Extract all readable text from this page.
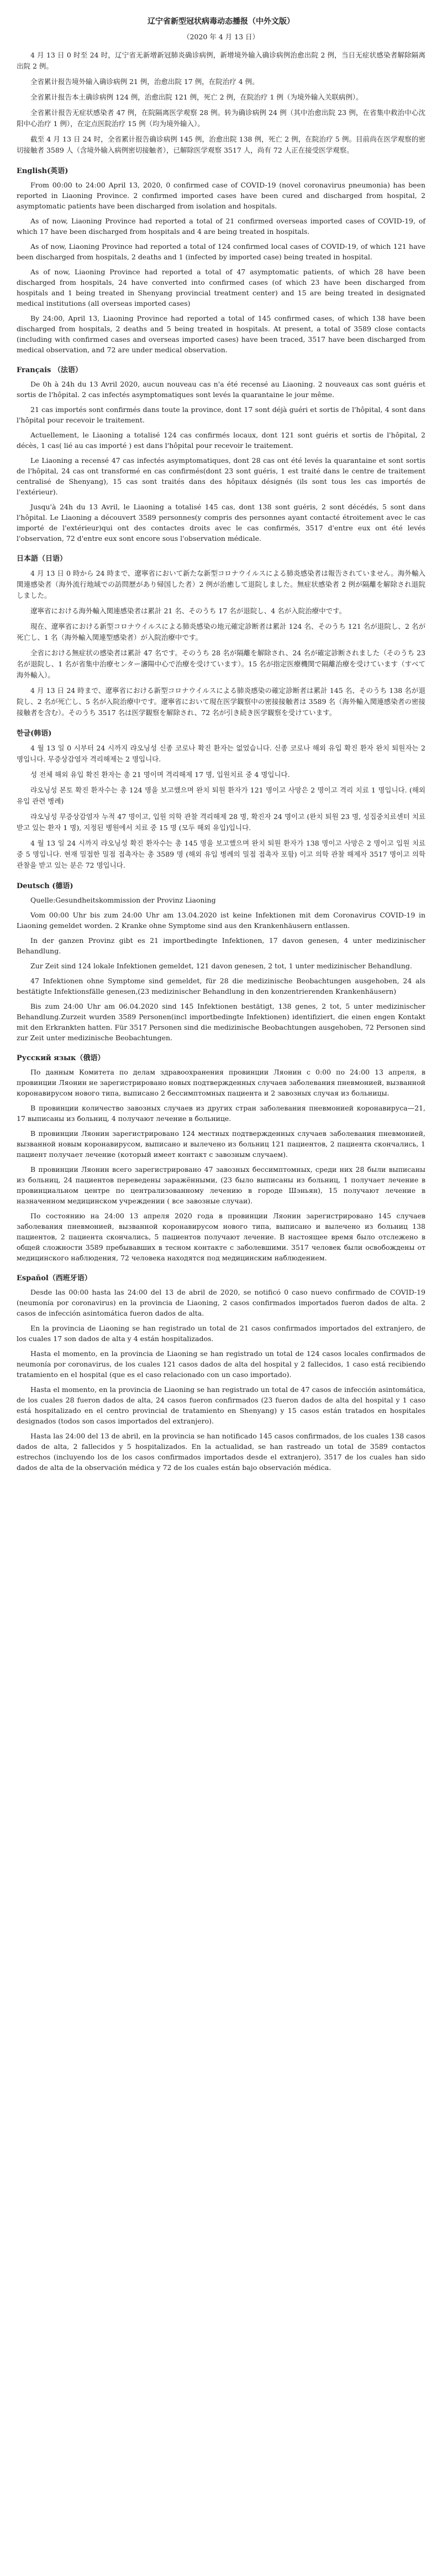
辽宁省新型冠状病毒动态播报（中外文版）
（2020 年 4 月 13 日）
4 月 13 日 0 时至 24 时，辽宁省无新增新冠肺炎确诊病例，新增境外输入确诊病例治愈出院 2 例，当日无症状感染者解除隔离出院 2 例。
全省累计报告境外输入确诊病例 21 例，治愈出院 17 例，在院治疗 4 例。
全省累计报告本土确诊病例 124 例，治愈出院 121 例，死亡 2 例，在院治疗 1 例（为境外输入关联病例）。
全省累计报告无症状感染者 47 例，在院隔离医学观察 28 例。转为确诊病例 24 例（其中治愈出院 23 例，在省集中救治中心沈阳中心治疗 1 例），在定点医院治疗 15 例（均为境外输入）。
截至 4 月 13 日 24 时，全省累计报告确诊病例 145 例，治愈出院 138 例，死亡 2 例，在院治疗 5 例。目前尚在医学观察的密切接触者 3589 人（含境外输入病例密切接触者），已解除医学观察 3517 人，尚有 72 人正在接受医学观察。
English(英语)
From 00:00 to 24:00 April 13, 2020, 0 confirmed case of COVID-19 (novel coronavirus pneumonia) has been reported in Liaoning Province. 2 confirmed imported cases have been cured and discharged from hospital, 2 asymptomatic patients have been discharged from isolation and hospitals.
As of now, Liaoning Province had reported a total of 21 confirmed overseas imported cases of COVID-19, of which 17 have been discharged from hospitals and 4 are being treated in hospitals.
As of now, Liaoning Province had reported a total of 124 confirmed local cases of COVID-19, of which 121 have been discharged from hospitals, 2 deaths and 1 (infected by imported case) being treated in hospital.
As of now, Liaoning Province had reported a total of 47 asymptomatic patients, of which 28 have been discharged from hospitals, 24 have converted into confirmed cases (of which 23 have been discharged from hospitals and 1 being treated in Shenyang provincial treatment center) and 15 are being treated in designated medical institutions (all overseas imported cases)
By 24:00, April 13, Liaoning Province had reported a total of 145 confirmed cases, of which 138 have been discharged from hospitals, 2 deaths and 5 being treated in hospitals. At present, a total of 3589 close contacts (including with confirmed cases and overseas imported cases) have been traced, 3517 have been discharged from medical observation, and 72 are under medical observation.
Français （法语）
De 0h à 24h du 13 Avril 2020, aucun nouveau cas n'a été recensé au Liaoning. 2 nouveaux cas sont guéris et sortis de l'hôpital. 2 cas infectés asymptomatiques sont levés la quarantaine le jour même.
21 cas importés sont confirmés dans toute la province, dont 17 sont déjà guéri et sortis de l'hôpital, 4 sont dans l'hôpital pour recevoir le traitement.
Actuellement, le Liaoning a totalisé 124 cas confirmés locaux, dont 121 sont guéris et sortis de l'hôpital, 2 décès, 1 cas( lié au cas importé ) est dans l'hôpital pour recevoir le traitement.
Le Liaoning a recensé 47 cas infectés asymptomatiques, dont 28 cas ont été levés la quarantaine et sont sortis de l'hôpital, 24 cas ont transformé en cas confirmés(dont 23 sont guéris, 1 est traité dans le centre de traitement centralisé de Shenyang), 15 cas sont traités dans des hôpitaux désignés (ils sont tous les cas importés de l'extérieur).
Jusqu'à 24h du 13 Avril, le Liaoning a totalisé 145 cas, dont 138 sont guéris, 2 sont décédés, 5 sont dans l'hôpital. Le Liaoning a découvert 3589 personnes(y compris des personnes ayant contacté étroitement avec le cas importé de l'extérieur)qui ont des contactes droits avec le cas confirmés, 3517 d'entre eux ont été levés l'observation, 72 d'entre eux sont encore sous l'observation médicale.
日本語（日语）
4 月 13 日 0 時から 24 時まで、遼寧省において新たな新型コロナウイルスによる肺炎感染者は報告されていません。海外輸入関連感染者（海外流行地域での訪問歴があり帰国した者）2 例が治癒して退院しました。無症状感染者 2 例が隔離を解除され退院しました。
遼寧省における海外輸入関連感染者は累計 21 名、そのうち 17 名が退院し、4 名が入院治療中です。
現在、遼寧省における新型コロナウイルスによる肺炎感染の地元確定診断者は累計 124 名、そのうち 121 名が退院し、2 名が死亡し、1 名（海外輸入関連型感染者）が入院治療中です。
全省における無症状の感染者は累計 47 名です。そのうち 28 名が隔離を解除され、24 名が確定診断されました（そのうち 23 名が退院し、1 名が省集中治療センター瀋陽中心で治療を受けています）。15 名が指定医療機関で隔離治療を受けています（すべて海外輸入）。
4 月 13 日 24 時まで、遼寧省における新型コロナウイルスによる肺炎感染の確定診断者は累計 145 名、そのうち 138 名が退院し、2 名が死亡し、5 名が入院治療中です。遼寧省において現在医学観察中の密接接触者は 3589 名（海外輸入関連感染者の密接接触者を含む）。そのうち 3517 名は医学観察を解除され、72 名が引き続き医学観察を受けています。
한글(韩语)
4 월 13 일 0 시부터 24 시까지 랴오닝성 신종 코로나 확진 환자는 없었습니다. 신종 코로나 해외 유입 확진 환자 완치 퇴원자는 2 명입니다. 무증상감염자 격리해제는 2 명입니다.
성 전체 해외 유입 확진 환자는 총 21 명이며 격리해제 17 명, 입원치료 중 4 명입니다.
랴오닝성 본토 확진 환자수는 총 124 명을 보고했으며 완치 퇴원 환자가 121 명이고 사망은 2 명이고 격리 치료 1 명입니다. (해외 유입 관련 병례)
랴오닝성 무증상감염자 누적 47 명이고, 입원 의학 관찰 격리해제 28 명, 확진자 24 명이고 (완치 퇴원 23 명, 성집중치료센터 치료 받고 있는 환자 1 명), 지정된 병원에서 치료 중 15 명 (모두 해외 유입)입니다.
4 월 13 일 24 시까지 랴오닝성 확진 환자수는 총 145 명을 보고했으며 완치 퇴원 환자가 138 명이고 사망은 2 명이고 입원 치료 중 5 명입니다. 현재 밀접한 밀접 접촉자는 총 3589 명 (해외 유입 병례의 밀접 접촉자 포함) 이고 의학 관찰 해제자 3517 명이고 의학 관찰을 받고 있는 분은 72 명입니다.
Deutsch (德语)
Quelle:Gesundheitskommission der Provinz Liaoning
Vom 00:00 Uhr bis zum 24:00 Uhr am 13.04.2020 ist keine Infektionen mit dem Coronavirus COVID-19 in Liaoning gemeldet worden. 2 Kranke ohne Symptome sind aus den Krankenhäusern entlassen.
In der ganzen Provinz gibt es 21 importbedingte Infektionen, 17 davon genesen, 4 unter medizinischer Behandlung.
Zur Zeit sind 124 lokale Infektionen gemeldet, 121 davon genesen, 2 tot, 1 unter medizinischer Behandlung.
47 Infektionen ohne Symptome sind gemeldet, für 28 die medizinische Beobachtungen ausgehoben, 24 als bestätigte Infektionsfälle genesen,(23 medizinischer Behandlung in den konzentrierenden Krankenhäusern)
Bis zum 24:00 Uhr am 06.04.2020 sind 145 Infektionen bestätigt, 138 genes, 2 tot, 5 unter medizinischer Behandlung.Zurzeit wurden 3589 Personen(incl importbedingte Infektionen) identifiziert, die einen engen Kontakt mit den Erkrankten hatten. Für 3517 Personen sind die medizinische Beobachtungen ausgehoben, 72 Personen sind zur Zeit unter medizinische Beobachtungen.
Русский язык（俄语）
По данным Комитета по делам здравоохранения провинции Ляонин с 0:00 по 24:00 13 апреля, в провинции Ляонин не зарегистрировано новых подтвержденных случаев заболевания пневмонией, вызванной коронавирусом нового типа, выписано 2 бессимптомных пациента и 2 завозных случая из больницы.
В провинции количество завозных случаев из других стран заболевания пневмонией коронавируса—21, 17 выписаны из больниц, 4 получают лечение в больнице.
В провинции Ляонин зарегистрировано 124 местных подтвержденных случаев заболевания пневмонией, вызванной новым коронавирусом, выписано и вылечено из больниц 121 пациентов, 2 пациента скончались, 1 пациент получает лечение (который имеет контакт с завозным случаем).
В провинции Ляонин всего зарегистрировано 47 завозных бессимптомных, среди них 28 были выписаны из больниц, 24 пациентов переведены заражёнными, (23 было выписаны из больниц, 1 получает лечение в провинциальном центре по централизованному лечению в городе Шэньян), 15 получают лечение в назначенном медицинском учреждении ( все завозные случаи).
По состоянию на 24:00 13 апреля 2020 года в провинции Ляонин зарегистрировано 145 случаев заболевания пневмонией, вызванной коронавирусом нового типа, выписано и вылечено из больниц 138 пациентов, 2 пациента скончались, 5 пациентов получают лечение. В настоящее время было отслежено в общей сложности 3589 пребывавших в тесном контакте с заболевшими. 3517 человек были освобождены от медицинского наблюдения, 72 человека находятся под медицинским наблюдением.
Español（西班牙语）
Desde las 00:00 hasta las 24:00 del 13 de abril de 2020, se notificó 0 caso nuevo confirmado de COVID-19 (neumonía por coronavirus) en la provincia de Liaoning, 2 casos confirmados importados fueron dados de alta. 2 casos de infección asintomática fueron dados de alta.
En la provincia de Liaoning se han registrado un total de 21 casos confirmados importados del extranjero, de los cuales 17 son dados de alta y 4 están hospitalizados.
Hasta el momento, en la provincia de Liaoning se han registrado un total de 124 casos locales confirmados de neumonía por coronavirus, de los cuales 121 casos dados de alta del hospital y 2 fallecidos, 1 caso está recibiendo tratamiento en el hospital (que es el caso relacionado con un caso importado).
Hasta el momento, en la provincia de Liaoning se han registrado un total de 47 casos de infección asintomática, de los cuales 28 fueron dados de alta, 24 casos fueron confirmados (23 fueron dados de alta del hospital y 1 caso está hospitalizado en el centro provincial de tratamiento en Shenyang) y 15 casos están tratados en hospitales designados (todos son casos importados del extranjero).
Hasta las 24:00 del 13 de abril, en la provincia se han notificado 145 casos confirmados, de los cuales 138 casos dados de alta, 2 fallecidos y 5 hospitalizados. En la actualidad, se han rastreado un total de 3589 contactos estrechos (incluyendo los de los casos confirmados importados desde el extranjero), 3517 de los cuales han sido dados de alta de la observación médica y 72 de los cuales están bajo observación médica.
